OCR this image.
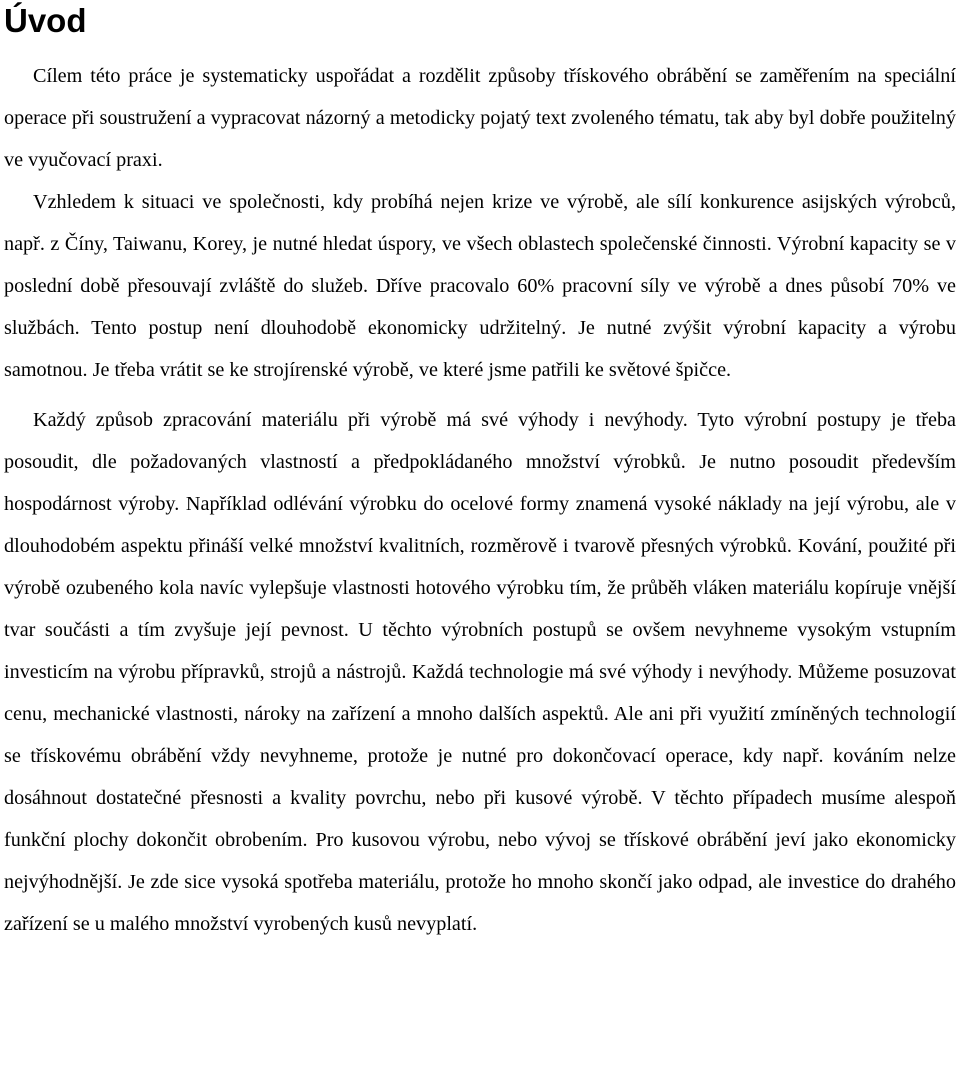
Úvod

Cílem této práce je systematicky uspořádat a rozdělit způsoby třískového obrábění se zaměřením na speciální operace při soustružení a vypracovat názorný a metodicky pojatý text zvoleného tématu, tak aby byl dobře použitelný ve vyučovací praxi.

Vzhledem k situaci ve společnosti, kdy probíhá nejen krize ve výrobě, ale sílí konkurence asijských výrobců, např. z Číny, Taiwanu, Korey, je nutné hledat úspory, ve všech oblastech společenské činnosti. Výrobní kapacity se v poslední době přesouvají zvláště do služeb. Dříve pracovalo 60% pracovní síly ve výrobě a dnes působí 70% ve službách. Tento postup není dlouhodobě ekonomicky udržitelný. Je nutné zvýšit výrobní kapacity a výrobu samotnou. Je třeba vrátit se ke strojírenské výrobě, ve které jsme patřili ke světové špičce.

Každý způsob zpracování materiálu při výrobě má své výhody i nevýhody. Tyto výrobní postupy je třeba posoudit, dle požadovaných vlastností a předpokládaného množství výrobků. Je nutno posoudit především hospodárnost výroby. Například odlévání výrobku do ocelové formy znamená vysoké náklady na její výrobu, ale v dlouhodobém aspektu přináší velké množství kvalitních, rozměrově i tvarově přesných výrobků. Kování, použité při výrobě ozubeného kola navíc vylepšuje vlastnosti hotového výrobku tím, že průběh vláken materiálu kopíruje vnější tvar součásti a tím zvyšuje její pevnost. U těchto výrobních postupů se ovšem nevyhneme vysokým vstupním investicím na výrobu přípravků, strojů a nástrojů. Každá technologie má své výhody i nevýhody. Můžeme posuzovat cenu, mechanické vlastnosti, nároky na zařízení a mnoho dalších aspektů. Ale ani při využití zmíněných technologií se třískovému obrábění vždy nevyhneme, protože je nutné pro dokončovací operace, kdy např. kováním nelze dosáhnout dostatečné přesnosti a kvality povrchu, nebo při kusové výrobě. V těchto případech musíme alespoň funkční plochy dokončit obrobením. Pro kusovou výrobu, nebo vývoj se třískové obrábění jeví jako ekonomicky nejvýhodnější. Je zde sice vysoká spotřeba materiálu, protože ho mnoho skončí jako odpad, ale investice do drahého zařízení se u malého množství vyrobených kusů nevyplatí.
